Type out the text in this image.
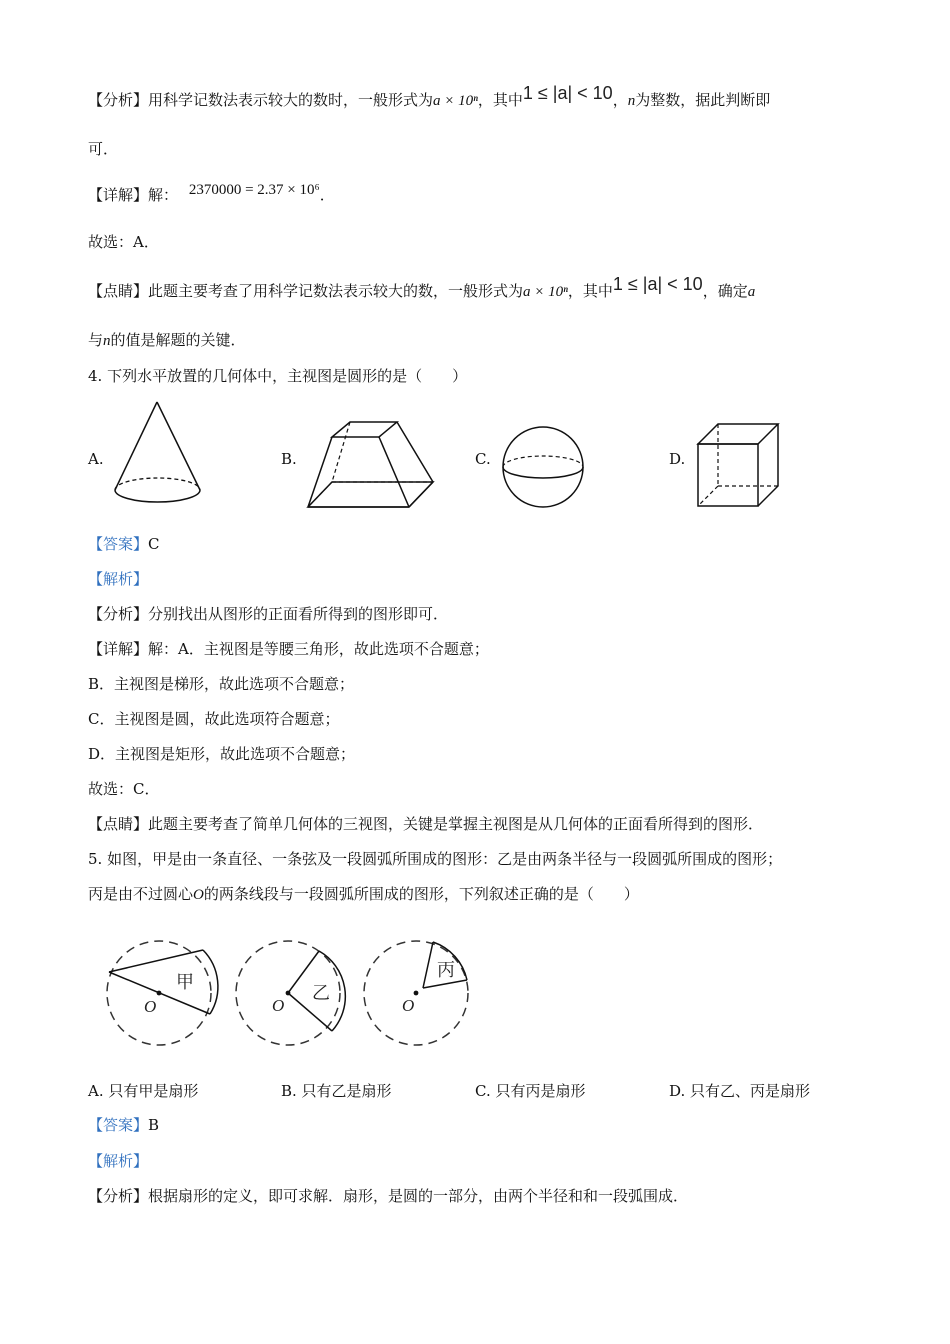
【分析】用科学记数法表示较大的数时，一般形式为a × 10ⁿ，其中1 ≤ |a| < 10，n为整数，据此判断即
可．
【详解】解： 2370000 = 2.37 × 10⁶．
故选：A．
【点睛】此题主要考查了用科学记数法表示较大的数，一般形式为a × 10ⁿ，其中1 ≤ |a| < 10，确定a
与n的值是解题的关键．
4. 下列水平放置的几何体中，主视图是圆形的是（　　）
A.	B.	C.	D.
【答案】C
【解析】
【分析】分别找出从图形的正面看所得到的图形即可．
【详解】解：A．主视图是等腰三角形，故此选项不合题意；
B．主视图是梯形，故此选项不合题意；
C．主视图是圆，故此选项符合题意；
D．主视图是矩形，故此选项不合题意；
故选：C．
【点睛】此题主要考查了简单几何体的三视图，关键是掌握主视图是从几何体的正面看所得到的图形．
5. 如图，甲是由一条直径、一条弦及一段圆弧所围成的图形：乙是由两条半径与一段圆弧所围成的图形；
丙是由不过圆心O的两条线段与一段圆弧所围成的图形，下列叙述正确的是（　　）
O
甲
O
乙
O
丙
A. 只有甲是扇形	B. 只有乙是扇形	C. 只有丙是扇形	D. 只有乙、丙是扇形
【答案】B
【解析】
【分析】根据扇形的定义，即可求解．扇形，是圆的一部分，由两个半径和和一段弧围成．
